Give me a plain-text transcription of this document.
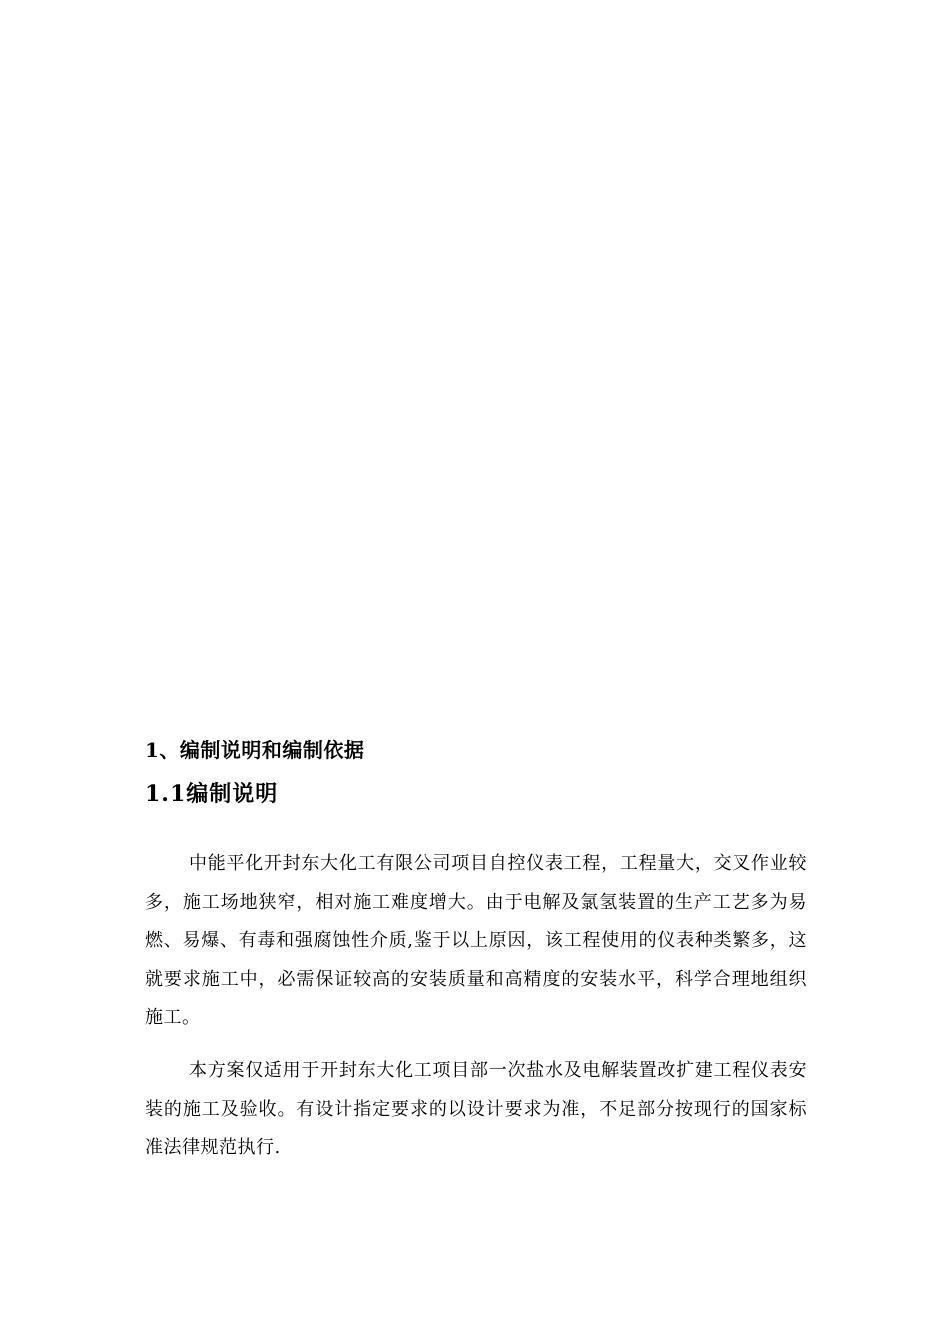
1、编制说明和编制依据
1.1编制说明

中能平化开封东大化工有限公司项目自控仪表工程，工程量大，交叉作业较多，施工场地狭窄，相对施工难度增大。由于电解及氯氢装置的生产工艺多为易燃、易爆、有毒和强腐蚀性介质,鉴于以上原因，该工程使用的仪表种类繁多，这就要求施工中，必需保证较高的安装质量和高精度的安装水平，科学合理地组织施工。

本方案仅适用于开封东大化工项目部一次盐水及电解装置改扩建工程仪表安装的施工及验收。有设计指定要求的以设计要求为准，不足部分按现行的国家标准法律规范执行.
